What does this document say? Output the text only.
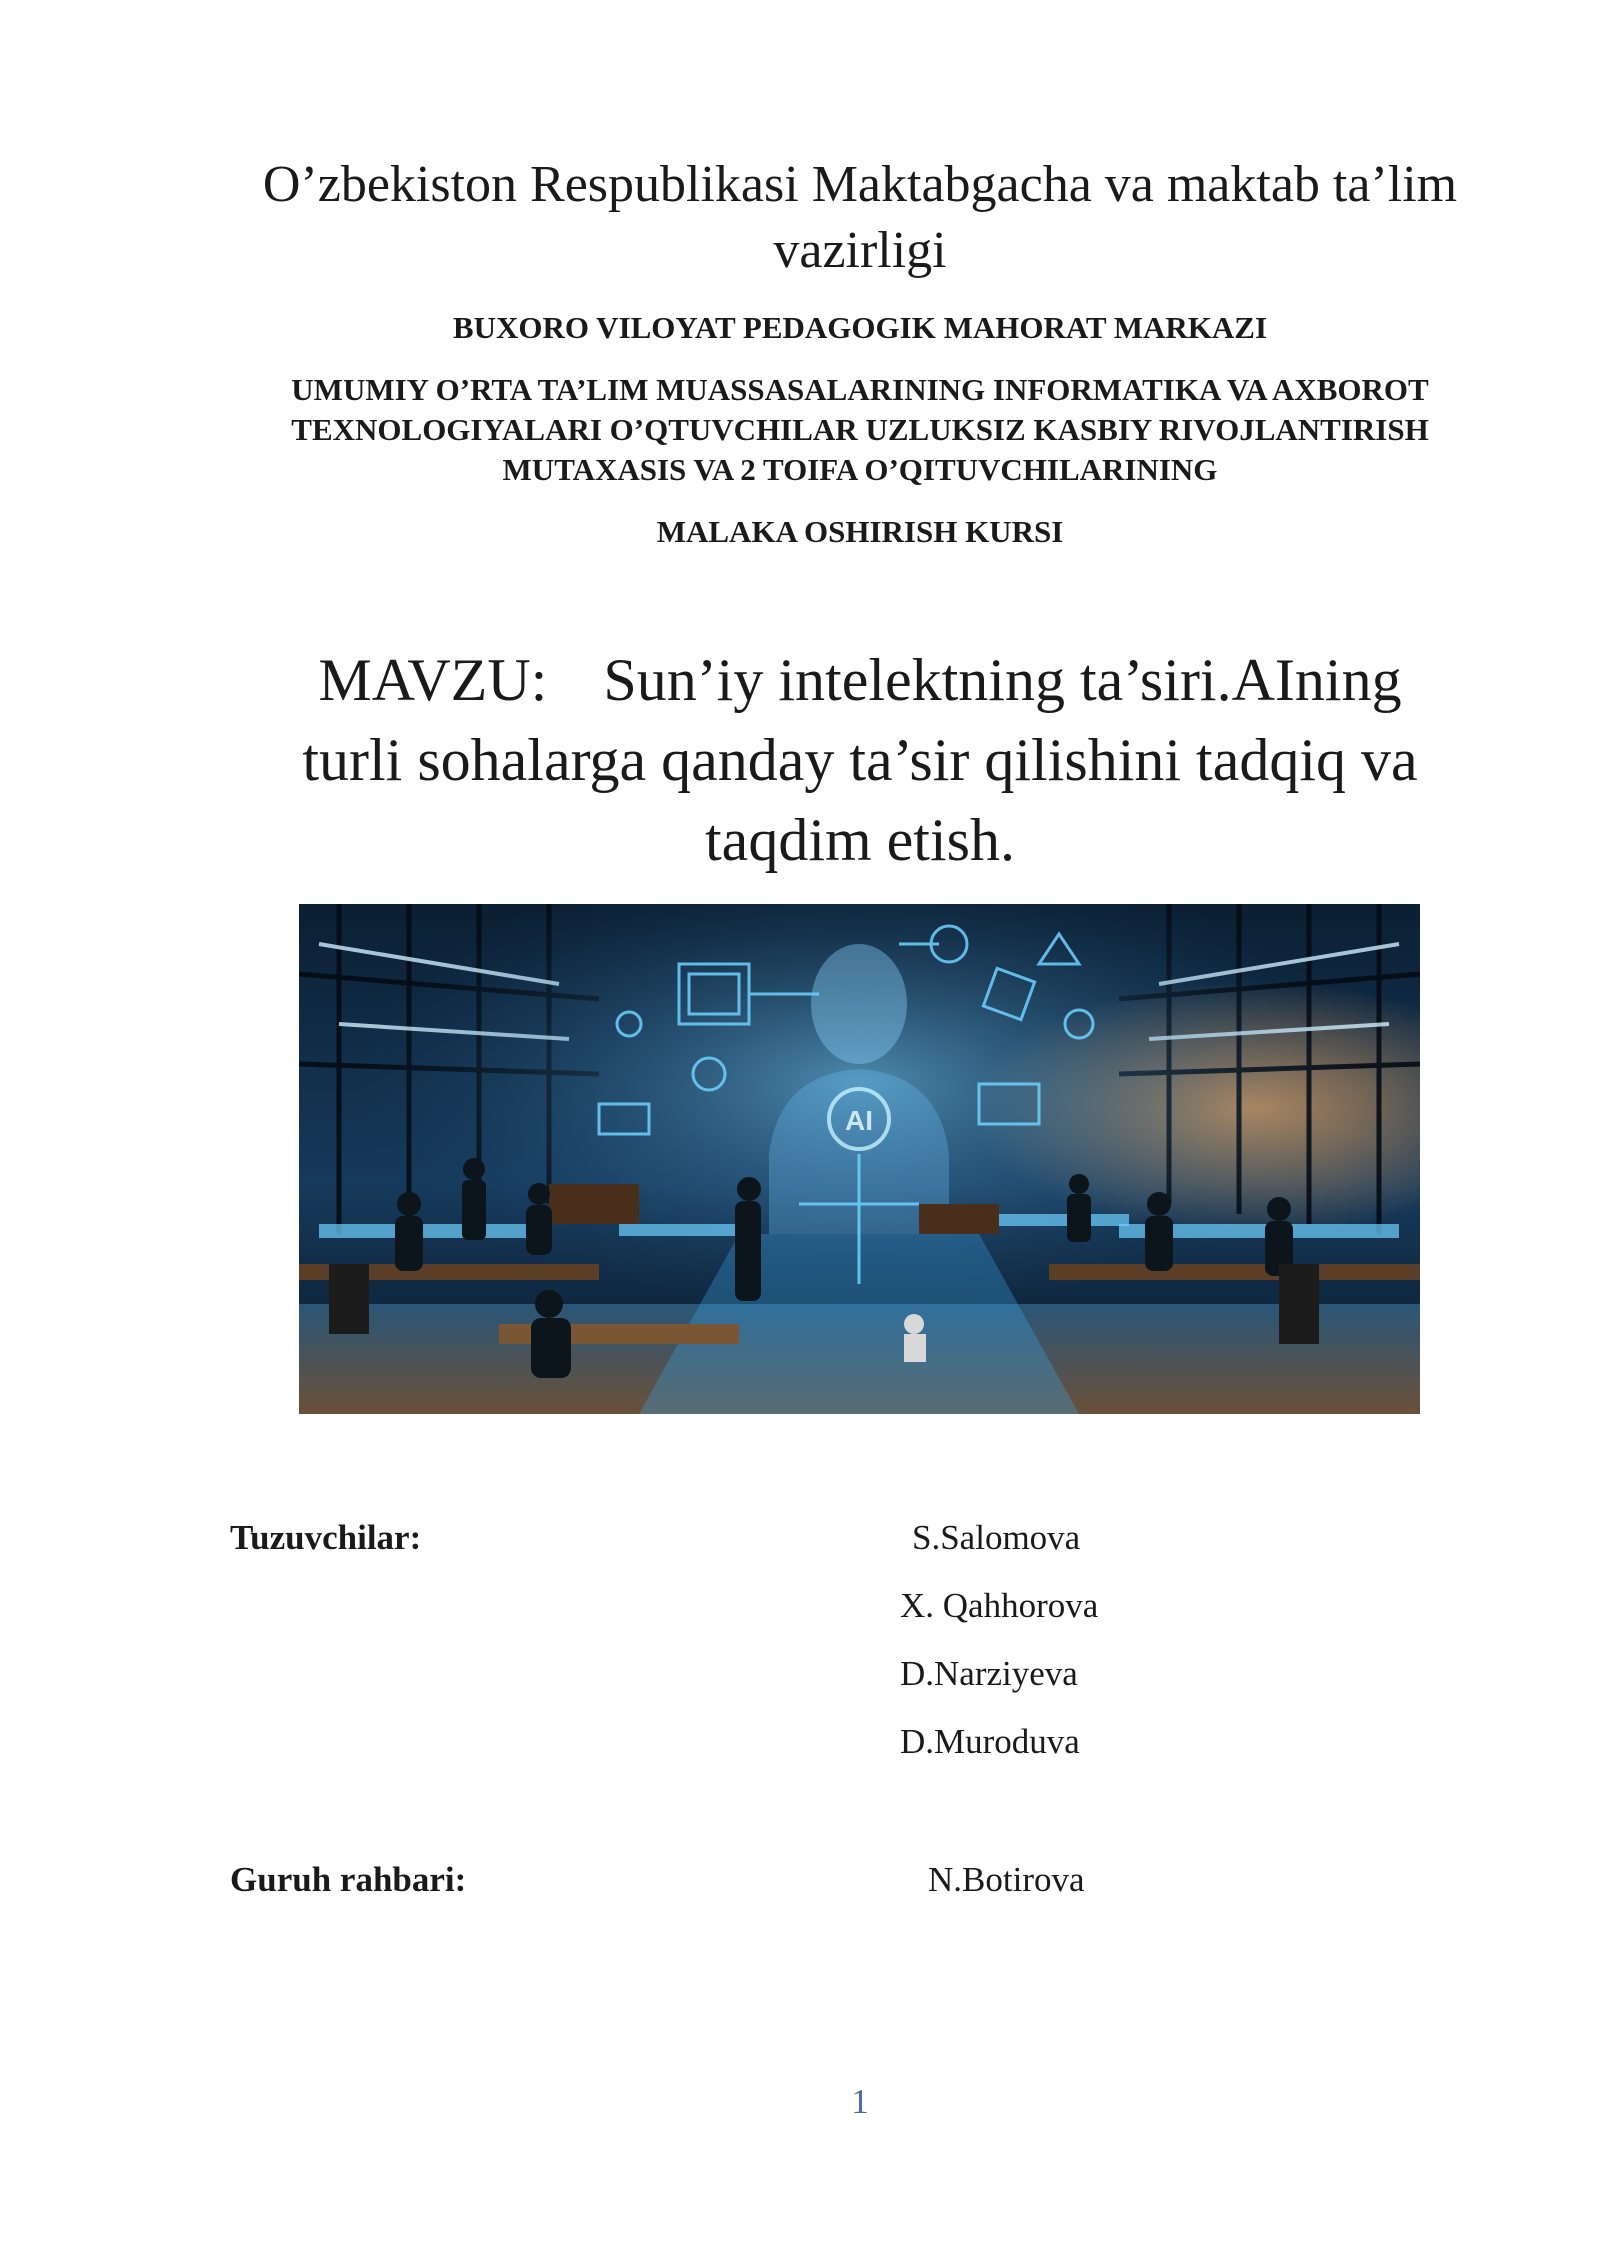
O’zbekiston Respublikasi Maktabgacha va maktab ta’lim
vazirligi
BUXORO VILOYAT PEDAGOGIK MAHORAT MARKAZI
UMUMIY O’RTA TA’LIM MUASSASALARINING INFORMATIKA VA AXBOROT
TEXNOLOGIYALARI O’QTUVCHILAR UZLUKSIZ KASBIY RIVOJLANTIRISH
MUTAXASIS VA 2 TOIFA O’QITUVCHILARINING
MALAKA OSHIRISH KURSI
MAVZU: Sun’iy intelektning ta’siri.AIning
turli sohalarga qanday ta’sir qilishini tadqiq va
taqdim etish.
AI
Tuzuvchilar:	S.Salomova
X. Qahhorova
D.Narziyeva
D.Muroduva
Guruh rahbari:	N.Botirova
1
